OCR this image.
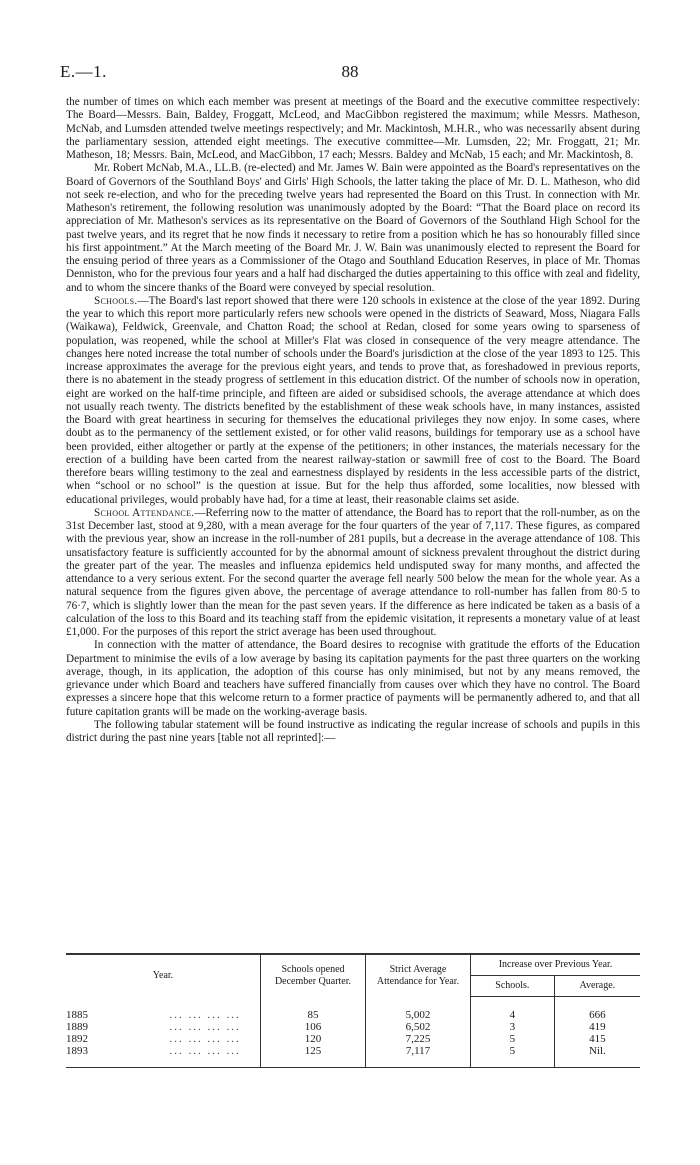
E.—1.	88

the number of times on which each member was present at meetings of the Board and the executive committee respectively: The Board—Messrs. Bain, Baldey, Froggatt, McLeod, and MacGibbon registered the maximum; while Messrs. Matheson, McNab, and Lumsden attended twelve meetings respectively; and Mr. Mackintosh, M.H.R., who was necessarily absent during the parliamentary session, attended eight meetings. The executive committee—Mr. Lumsden, 22; Mr. Froggatt, 21; Mr. Matheson, 18; Messrs. Bain, McLeod, and MacGibbon, 17 each; Messrs. Baldey and McNab, 15 each; and Mr. Mackintosh, 8.

Mr. Robert McNab, M.A., LL.B. (re-elected) and Mr. James W. Bain were appointed as the Board's representatives on the Board of Governors of the Southland Boys' and Girls' High Schools, the latter taking the place of Mr. D. L. Matheson, who did not seek re-election, and who for the preceding twelve years had represented the Board on this Trust. In connection with Mr. Matheson's retirement, the following resolution was unanimously adopted by the Board: “That the Board place on record its appreciation of Mr. Matheson's services as its representative on the Board of Governors of the Southland High School for the past twelve years, and its regret that he now finds it necessary to retire from a position which he has so honourably filled since his first appointment.” At the March meeting of the Board Mr. J. W. Bain was unanimously elected to represent the Board for the ensuing period of three years as a Commissioner of the Otago and Southland Education Reserves, in place of Mr. Thomas Denniston, who for the previous four years and a half had discharged the duties appertaining to this office with zeal and fidelity, and to whom the sincere thanks of the Board were conveyed by special resolution.

Schools.—The Board's last report showed that there were 120 schools in existence at the close of the year 1892. During the year to which this report more particularly refers new schools were opened in the districts of Seaward, Moss, Niagara Falls (Waikawa), Feldwick, Greenvale, and Chatton Road; the school at Redan, closed for some years owing to sparseness of population, was reopened, while the school at Miller's Flat was closed in consequence of the very meagre attendance. The changes here noted increase the total number of schools under the Board's jurisdiction at the close of the year 1893 to 125. This increase approximates the average for the previous eight years, and tends to prove that, as foreshadowed in previous reports, there is no abatement in the steady progress of settlement in this education district. Of the number of schools now in operation, eight are worked on the half-time principle, and fifteen are aided or subsidised schools, the average attendance at which does not usually reach twenty. The districts benefited by the establishment of these weak schools have, in many instances, assisted the Board with great heartiness in securing for themselves the educational privileges they now enjoy. In some cases, where doubt as to the permanency of the settlement existed, or for other valid reasons, buildings for temporary use as a school have been provided, either altogether or partly at the expense of the petitioners; in other instances, the materials necessary for the erection of a building have been carted from the nearest railway-station or sawmill free of cost to the Board. The Board therefore bears willing testimony to the zeal and earnestness displayed by residents in the less accessible parts of the district, when “school or no school” is the question at issue. But for the help thus afforded, some localities, now blessed with educational privileges, would probably have had, for a time at least, their reasonable claims set aside.

School Attendance.—Referring now to the matter of attendance, the Board has to report that the roll-number, as on the 31st December last, stood at 9,280, with a mean average for the four quarters of the year of 7,117. These figures, as compared with the previous year, show an increase in the roll-number of 281 pupils, but a decrease in the average attendance of 108. This unsatisfactory feature is sufficiently accounted for by the abnormal amount of sickness prevalent throughout the district during the greater part of the year. The measles and influenza epidemics held undisputed sway for many months, and affected the attendance to a very serious extent. For the second quarter the average fell nearly 500 below the mean for the whole year. As a natural sequence from the figures given above, the percentage of average attendance to roll-number has fallen from 80·5 to 76·7, which is slightly lower than the mean for the past seven years. If the difference as here indicated be taken as a basis of a calculation of the loss to this Board and its teaching staff from the epidemic visitation, it represents a monetary value of at least £1,000. For the purposes of this report the strict average has been used throughout.

In connection with the matter of attendance, the Board desires to recognise with gratitude the efforts of the Education Department to minimise the evils of a low average by basing its capitation payments for the past three quarters on the working average, though, in its application, the adoption of this course has only minimised, but not by any means removed, the grievance under which Board and teachers have suffered financially from causes over which they have no control. The Board expresses a sincere hope that this welcome return to a former practice of payments will be permanently adhered to, and that all future capitation grants will be made on the working-average basis.

The following tabular statement will be found instructive as indicating the regular increase of schools and pupils in this district during the past nine years [table not all reprinted]:—

Year.	Schools opened December Quarter.	Strict Average Attendance for Year.	Increase over Previous Year.	
			Schools.	Average.
1885 ... ... ... ...	85	5,002	4	666
1889 ... ... ... ...	106	6,502	3	419
1892 ... ... ... ...	120	7,225	5	415
1893 ... ... ... ...	125	7,117	5	Nil.
